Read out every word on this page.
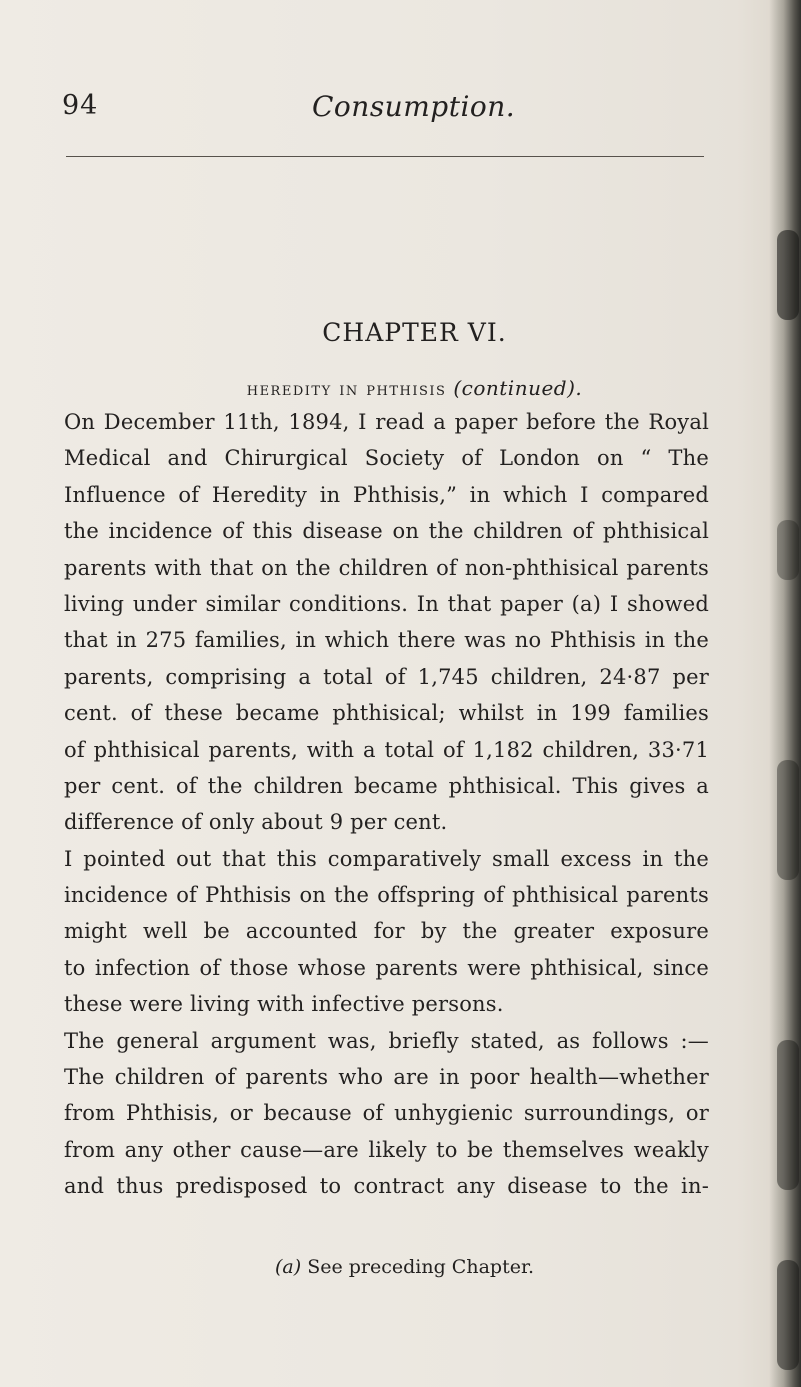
94	Consumption.
CHAPTER VI.
heredity in phthisis (continued).
On December 11th, 1894, I read a paper before the Royal
Medical and Chirurgical Society of London on “ The
Influence of Heredity in Phthisis,” in which I compared
the incidence of this disease on the children of phthisical
parents with that on the children of non-phthisical parents
living under similar conditions. In that paper (a) I showed
that in 275 families, in which there was no Phthisis in the
parents, comprising a total of 1,745 children, 24·87 per
cent. of these became phthisical; whilst in 199 families
of phthisical parents, with a total of 1,182 children, 33·71
per cent. of the children became phthisical. This gives a
difference of only about 9 per cent.
I pointed out that this comparatively small excess in the
incidence of Phthisis on the offspring of phthisical parents
might well be accounted for by the greater exposure
to infection of those whose parents were phthisical, since
these were living with infective persons.
The general argument was, briefly stated, as follows :—
The children of parents who are in poor health—whether
from Phthisis, or because of unhygienic surroundings, or
from any other cause—are likely to be themselves weakly
and thus predisposed to contract any disease to the in-
(a) See preceding Chapter.
